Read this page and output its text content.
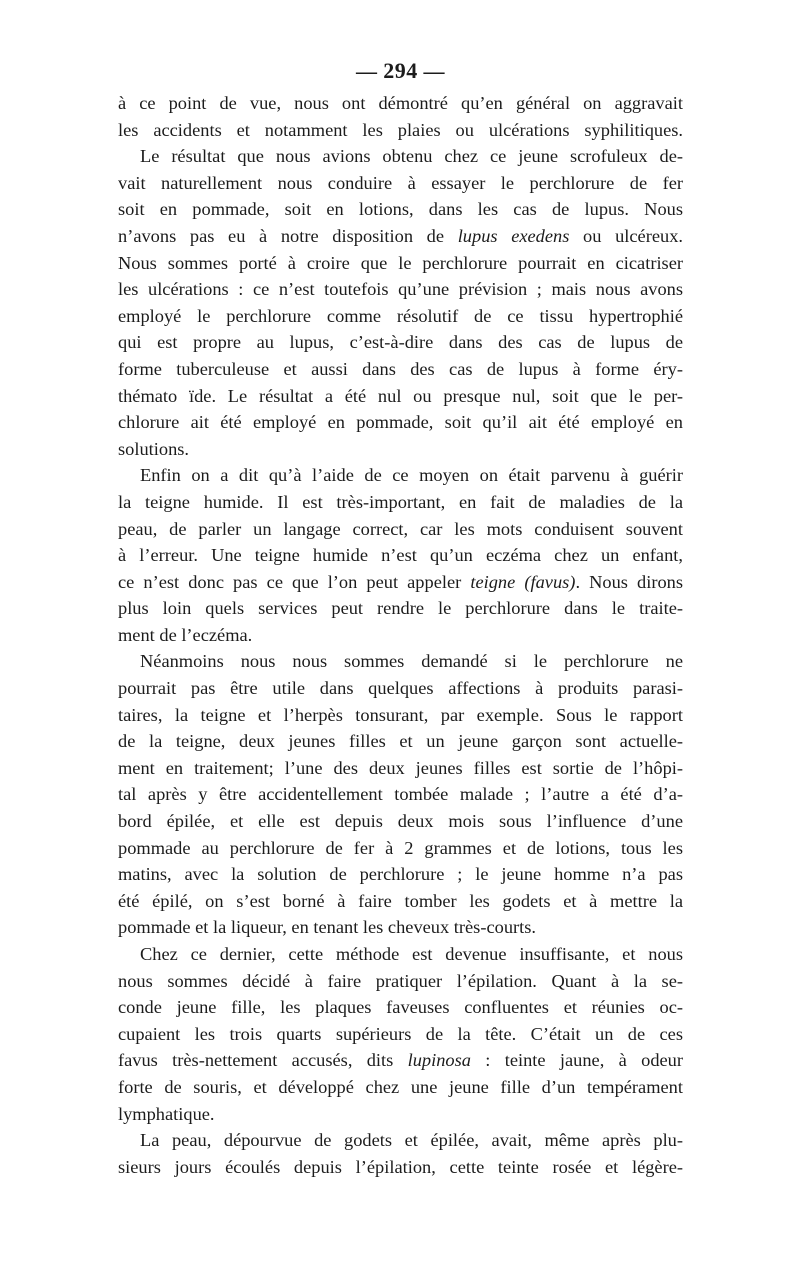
— 294 —
à ce point de vue, nous ont démontré qu’en général on aggravait
les accidents et notamment les plaies ou ulcérations syphilitiques.
Le résultat que nous avions obtenu chez ce jeune scrofuleux de-
vait naturellement nous conduire à essayer le perchlorure de fer
soit en pommade, soit en lotions, dans les cas de lupus. Nous
n’avons pas eu à notre disposition de lupus exedens ou ulcéreux.
Nous sommes porté à croire que le perchlorure pourrait en cicatriser
les ulcérations : ce n’est toutefois qu’une prévision ; mais nous avons
employé le perchlorure comme résolutif de ce tissu hypertrophié
qui est propre au lupus, c’est-à-dire dans des cas de lupus de
forme tuberculeuse et aussi dans des cas de lupus à forme éry-
thémato ïde. Le résultat a été nul ou presque nul, soit que le per-
chlorure ait été employé en pommade, soit qu’il ait été employé en
solutions.
Enfin on a dit qu’à l’aide de ce moyen on était parvenu à guérir
la teigne humide. Il est très-important, en fait de maladies de la
peau, de parler un langage correct, car les mots conduisent souvent
à l’erreur. Une teigne humide n’est qu’un eczéma chez un enfant,
ce n’est donc pas ce que l’on peut appeler teigne (favus). Nous dirons
plus loin quels services peut rendre le perchlorure dans le traite-
ment de l’eczéma.
Néanmoins nous nous sommes demandé si le perchlorure ne
pourrait pas être utile dans quelques affections à produits parasi-
taires, la teigne et l’herpès tonsurant, par exemple. Sous le rapport
de la teigne, deux jeunes filles et un jeune garçon sont actuelle-
ment en traitement; l’une des deux jeunes filles est sortie de l’hôpi-
tal après y être accidentellement tombée malade ; l’autre a été d’a-
bord épilée, et elle est depuis deux mois sous l’influence d’une
pommade au perchlorure de fer à 2 grammes et de lotions, tous les
matins, avec la solution de perchlorure ; le jeune homme n’a pas
été épilé, on s’est borné à faire tomber les godets et à mettre la
pommade et la liqueur, en tenant les cheveux très-courts.
Chez ce dernier, cette méthode est devenue insuffisante, et nous
nous sommes décidé à faire pratiquer l’épilation. Quant à la se-
conde jeune fille, les plaques faveuses confluentes et réunies oc-
cupaient les trois quarts supérieurs de la tête. C’était un de ces
favus très-nettement accusés, dits lupinosa : teinte jaune, à odeur
forte de souris, et développé chez une jeune fille d’un tempérament
lymphatique.
La peau, dépourvue de godets et épilée, avait, même après plu-
sieurs jours écoulés depuis l’épilation, cette teinte rosée et légère-
